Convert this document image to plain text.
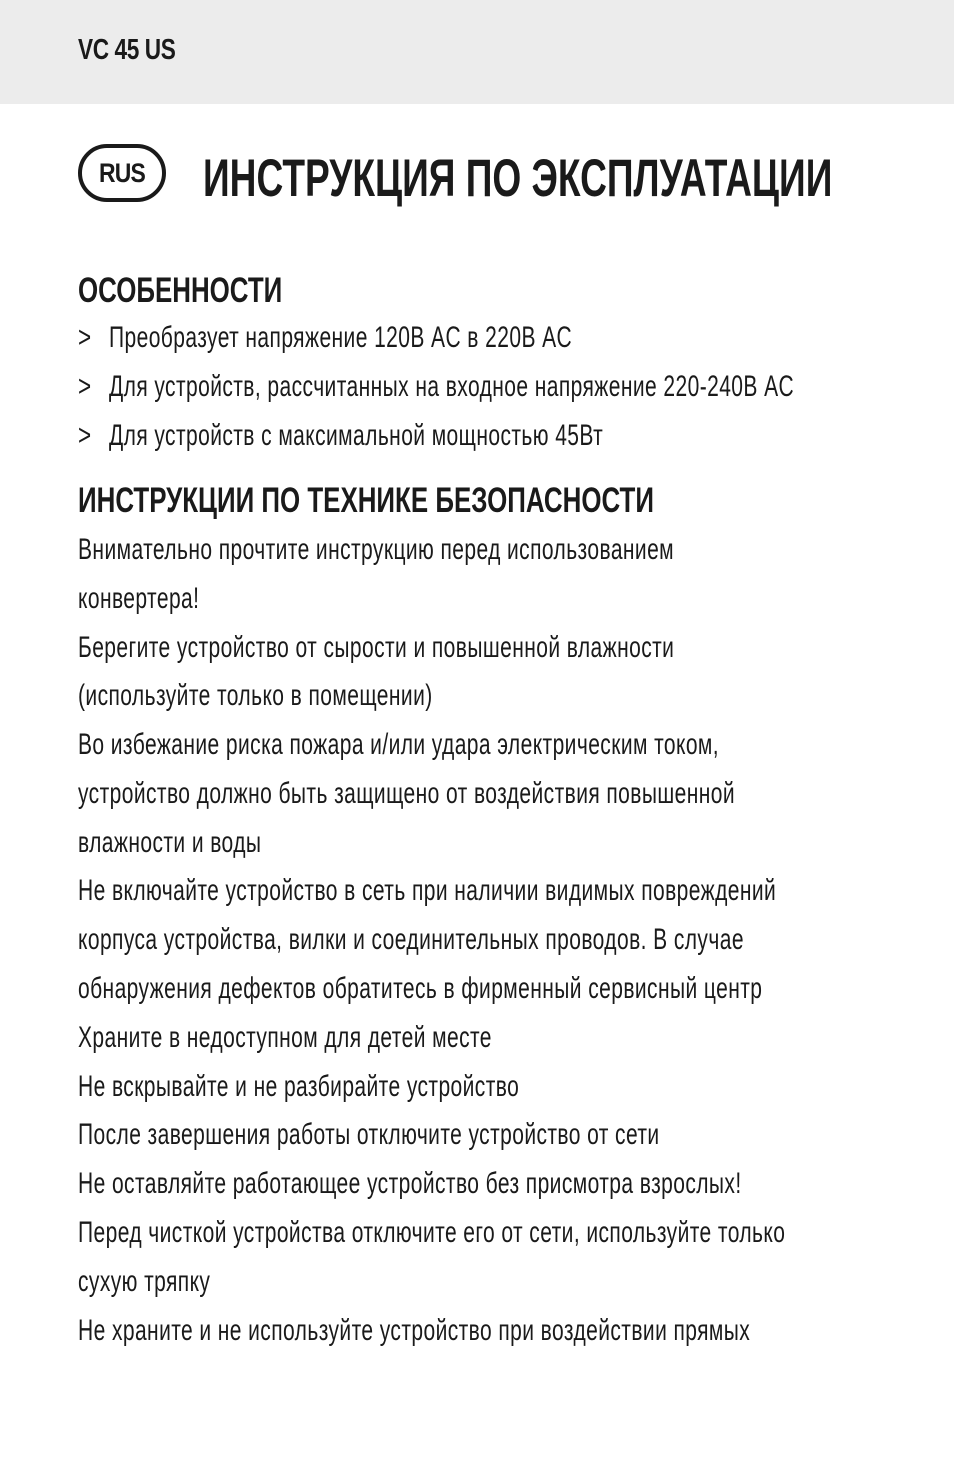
VC 45 US
RUS ИНСТРУКЦИЯ ПО ЭКСПЛУАТАЦИИ
ОСОБЕННОСТИ
> Преобразует напряжение 120В AC в 220В AC
> Для устройств, рассчитанных на входное напряжение 220-240В AC
> Для устройств с максимальной мощностью 45Вт
ИНСТРУКЦИИ ПО ТЕХНИКЕ БЕЗОПАСНОСТИ
Внимательно прочтите инструкцию перед использованием
конвертера!
Берегите устройство от сырости и повышенной влажности
(используйте только в помещении)
Во избежание риска пожара и/или удара электрическим током,
устройство должно быть защищено от воздействия повышенной
влажности и воды
Не включайте устройство в сеть при наличии видимых повреждений
корпуса устройства, вилки и соединительных проводов. В случае
обнаружения дефектов обратитесь в фирменный сервисный центр
Храните в недоступном для детей месте
Не вскрывайте и не разбирайте устройство
После завершения работы отключите устройство от сети
Не оставляйте работающее устройство без присмотра взрослых!
Перед чисткой устройства отключите его от сети, используйте только
сухую тряпку
Не храните и не используйте устройство при воздействии прямых
